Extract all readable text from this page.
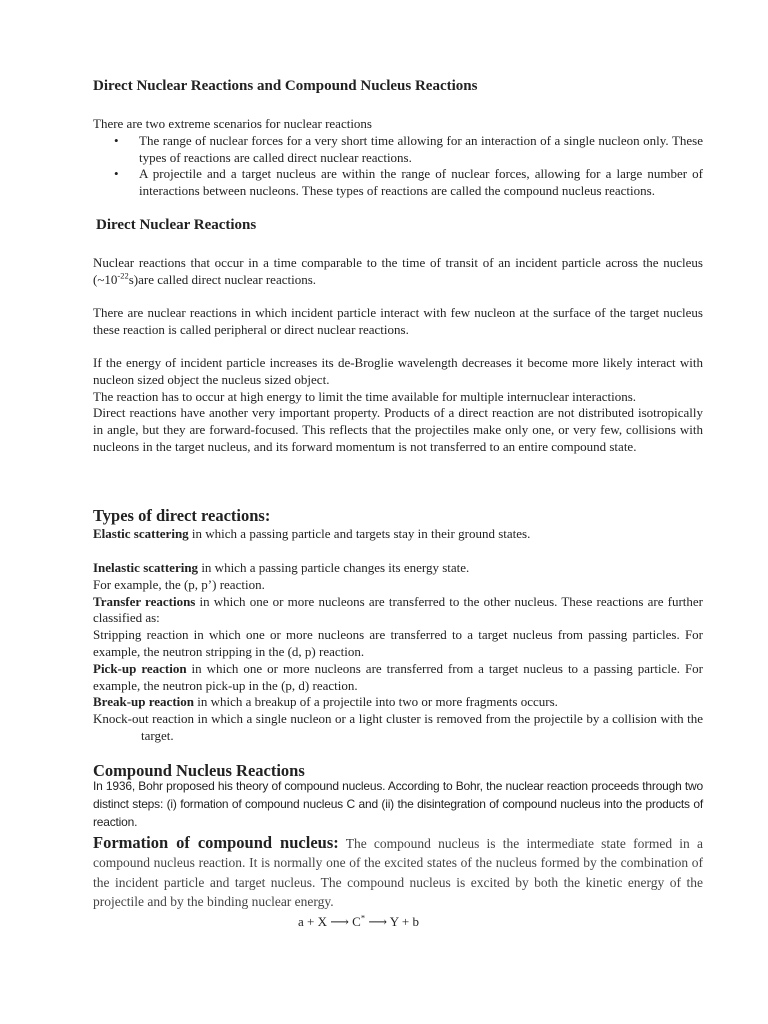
Direct Nuclear Reactions and Compound Nucleus Reactions
There are two extreme scenarios for nuclear reactions
• The range of nuclear forces for a very short time allowing for an interaction of a single nucleon only. These types of reactions are called direct nuclear reactions.
• A projectile and a target nucleus are within the range of nuclear forces, allowing for a large number of interactions between nucleons. These types of reactions are called the compound nucleus reactions.
Direct Nuclear Reactions
Nuclear reactions that occur in a time comparable to the time of transit of an incident particle across the nucleus $(\sim 10^{-22}s)are$ called direct nuclear reactions.
There are nuclear reactions in which incident particle interact with few nucleon at the surface of the target nucleus these reaction is called peripheral or direct nuclear reactions.
If the energy of incident particle increases its de-Broglie wavelength decreases it become more likely interact with nucleon sized object the nucleus sized object.
The reaction has to occur at high energy to limit the time available for multiple internuclear interactions.
Direct reactions have another very important property. Products of a direct reaction are not distributed isotropically in angle, but they are forward-focused. This reflects that the projectiles make only one, or very few, collisions with nucleons in the target nucleus, and its forward momentum is not transferred to an entire compound state.
Types of direct reactions:
Elastic scattering in which a passing particle and targets stay in their ground states.
Inelastic scattering in which a passing particle changes its energy state.
For example, the (p, p’) reaction.
Transfer reactions in which one or more nucleons are transferred to the other nucleus. These reactions are further classified as:
Stripping reaction in which one or more nucleons are transferred to a target nucleus from passing particles. For example, the neutron stripping in the (d, p) reaction.
Pick-up reaction in which one or more nucleons are transferred from a target nucleus to a passing particle. For example, the neutron pick-up in the (p, d) reaction.
Break-up reaction in which a breakup of a projectile into two or more fragments occurs.
Knock-out reaction in which a single nucleon or a light cluster is removed from the projectile by a collision with the target.
Compound Nucleus Reactions
In 1936, Bohr proposed his theory of compound nucleus. According to Bohr, the nuclear reaction proceeds through two distinct steps: (i) formation of compound nucleus C and (ii) the disintegration of compound nucleus into the products of reaction.
Formation of compound nucleus: The compound nucleus is the intermediate state formed in a compound nucleus reaction. It is normally one of the excited states of the nucleus formed by the combination of the incident particle and target nucleus. The compound nucleus is excited by both the kinetic energy of the projectile and by the binding nuclear energy.
a + X ⟶ C* ⟶ Y + b
